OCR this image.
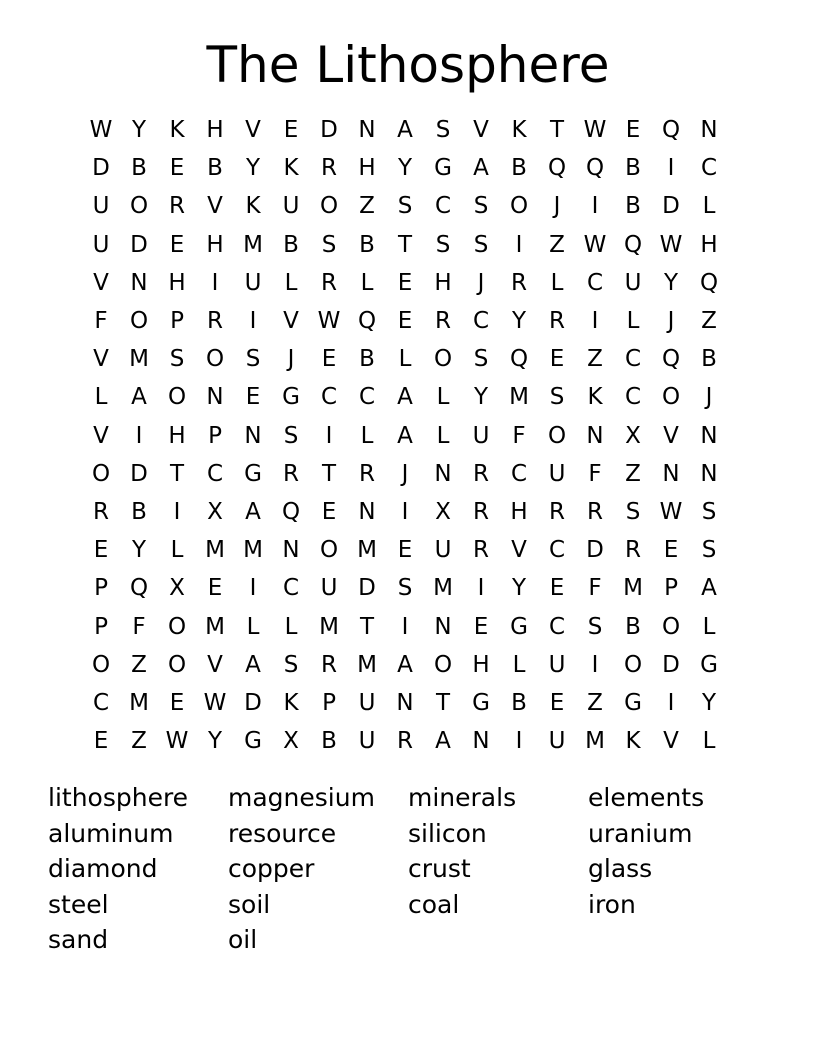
The Lithosphere
W Y	K H V E D N A S V K	T W E Q N
D B E B	Y	K R H Y G A B Q Q B	I	C
U O R V K U O Z S C S O	J	I	B D L
U D E H M B S B	T	S	S	I	Z W Q W H
V N H	I	U	L	R	L	E H	J	R	L	C U Y Q
F O P	R	I	V W Q E R C Y R	I	L	J	Z
V M S O S	J	E B	L O S Q E Z C Q B
L	A O N E G C C A	L	Y M S	K C O	J
V	I	H P N S	I	L	A	L	U F O N X V N
O D T C G R T R	J	N R C U F	Z N N
R B	I	X A Q E N	I	X R H R R S W S
E	Y	L M M N O M E U R V C D R E	S
P Q X E	I	C U D S M	I	Y	E	F M P	A
P	F O M L	L M T	I	N E G C S B O L
O Z O V A S R M A O H L	U	I	O D G
C M E W D K	P U N T G B E Z G	I	Y
E Z W Y G X B U R A N	I	U M K V	L
lithosphere	magnesium	minerals	elements
aluminum	resource	silicon	uranium
diamond	copper	crust	glass
steel	soil	coal	iron
sand	oil
